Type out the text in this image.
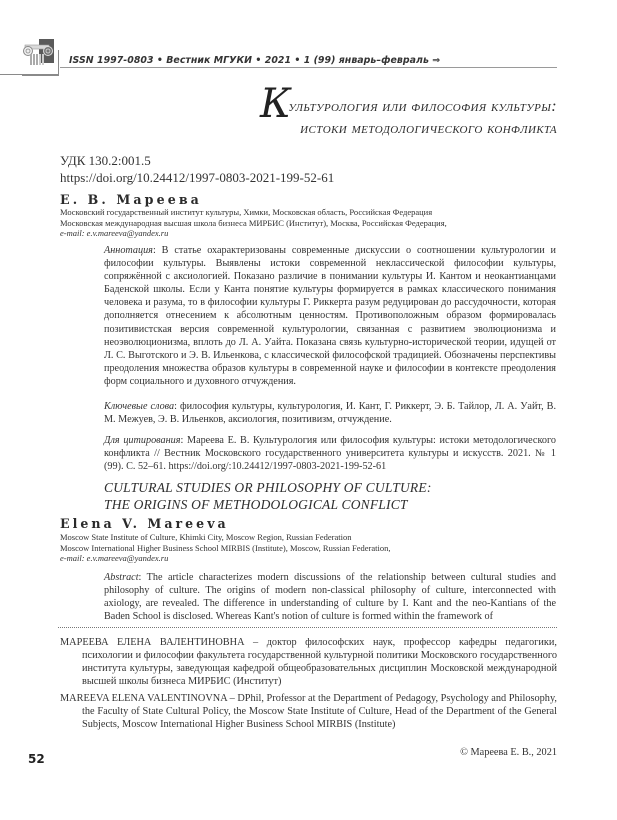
ISSN 1997-0803 • Вестник МГУКИ • 2021 • 1 (99) январь–февраль ⇒
Культурология или философия культуры:
истоки методологического конфликта
УДК 130.2:001.5
https://doi.org/10.24412/1997-0803-2021-199-52-61
Е. В. Мареева
Московский государственный институт культуры, Химки, Московская область, Российская Федерация
Московская международная высшая школа бизнеса МИРБИС (Институт), Москва, Российская Федерация,
e-mail: e.v.mareeva@yandex.ru

Аннотация: В статье охарактеризованы современные дискуссии о соотношении культурологии и философии культуры. Выявлены истоки современной неклассической философии культуры, сопряжённой с аксиологией. Показано различие в понимании культуры И. Кантом и неокантианцами Баденской школы. Если у Канта понятие культуры формируется в рамках классического понимания человека и разума, то в философии культуры Г. Риккерта разум редуцирован до рассудочности, которая дополняется отнесением к абсолютным ценностям. Противоположным образом формировалась позитивистская версия современной культурологии, связанная с развитием эволюционизма и неоэволюционизма, вплоть до Л. А. Уайта. Показана связь культурно-исторической теории, идущей от Л. С. Выготского и Э. В. Ильенкова, с классической философской традицией. Обозначены перспективы преодоления множества образов культуры в современной науке и философии в контексте преодоления форм социального и духовного отчуждения.

Ключевые слова: философия культуры, культурология, И. Кант, Г. Риккерт, Э. Б. Тайлор, Л. А. Уайт, В. М. Межуев, Э. В. Ильенков, аксиология, позитивизм, отчуждение.

Для цитирования: Мареева Е. В. Культурология или философия культуры: истоки методологического конфликта // Вестник Московского государственного университета культуры и искусств. 2021. № 1 (99). С. 52–61. https://doi.org/:10.24412/1997-0803-2021-199-52-61

CULTURAL STUDIES OR PHILOSOPHY OF CULTURE:
THE ORIGINS OF METHODOLOGICAL CONFLICT
Elena V. Mareeva
Moscow State Institute of Culture, Khimki City, Moscow Region, Russian Federation
Moscow International Higher Business School MIRBIS (Institute), Moscow, Russian Federation,
e-mail: e.v.mareeva@yandex.ru

Abstract: The article characterizes modern discussions of the relationship between cultural studies and philosophy of culture. The origins of modern non-classical philosophy of culture, interconnected with axiology, are revealed. The difference in understanding of culture by I. Kant and the neo-Kantians of the Baden School is disclosed. Whereas Kant's notion of culture is formed within the framework of

МАРЕЕВА ЕЛЕНА ВАЛЕНТИНОВНА – доктор философских наук, профессор кафедры педагогики, психологии и философии факультета государственной культурной политики Московского государственного института культуры, заведующая кафедрой общеобразовательных дисциплин Московской международной высшей школы бизнеса МИРБИС (Институт)

MAREEVA ELENA VALENTINOVNA – DPhil, Professor at the Department of Pedagogy, Psychology and Philosophy, the Faculty of State Cultural Policy, the Moscow State Institute of Culture, Head of the Department of the General Subjects, Moscow International Higher Business School MIRBIS (Institute)

© Мареева Е. В., 2021
52
